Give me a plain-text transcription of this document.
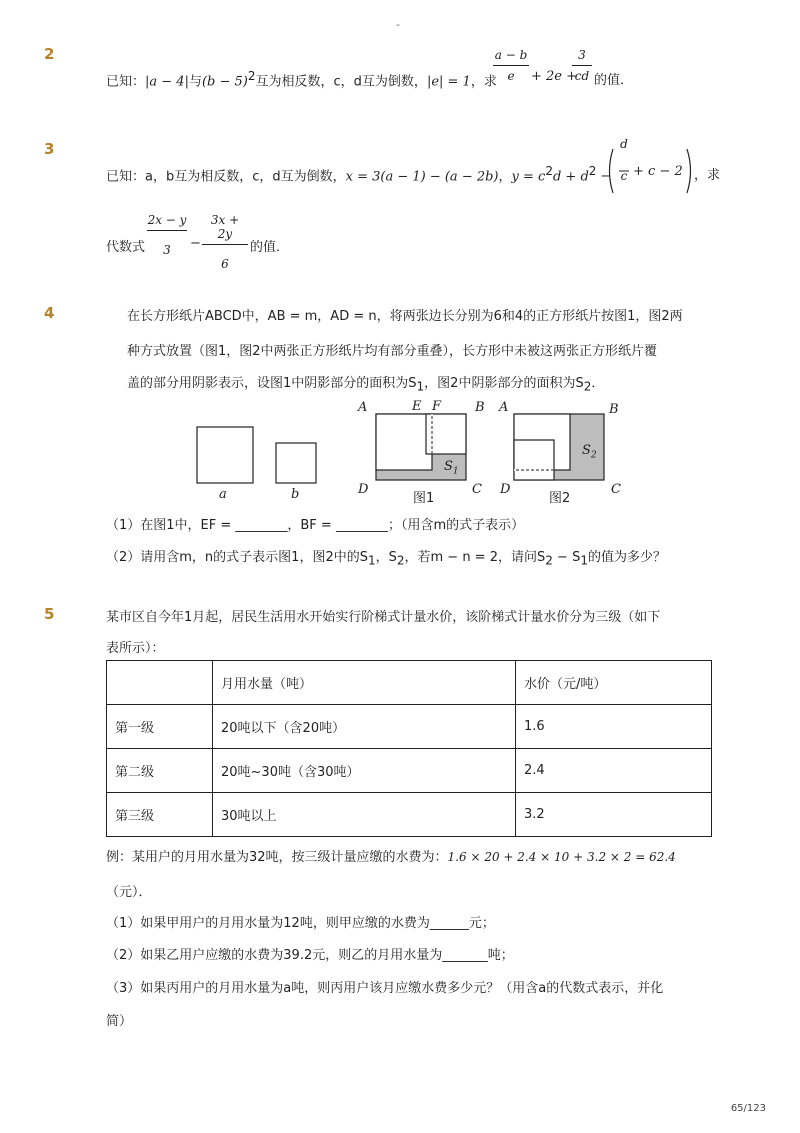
-
2
已知：|a − 4|与$(b - 5)^2$互为相反数，c，d互为倒数，|e| = 1，求
a − b
e	+ 2e +
3
cd 的值．
3
已知：a，b互为相反数，c，d互为倒数，x = 3(a − 1) − (a − 2b)，$y = c^2d + d^2$ −
d
c + c − 2 ，求
代数式
2x − y
3	−
3x + 2y
6
的值．
4	在长方形纸片ABCD中，AB = m，AD = n，将两张边长分别为6和4的正方形纸片按图1，图2两
种方式放置（图1，图2中两张正方形纸片均有部分重叠），长方形中未被这两张正方形纸片覆
盖的部分用阴影表示，设图1中阴影部分的面积为$S_1$，图2中阴影部分的面积为$S_2$．
a	b
A	E F	B
D	C
$S_1$
图1
A	B
D	C
$S_2$
图2
（1）在图1中，EF = ________，BF = ________；（用含m的式子表示）
（2）请用含m，n的式子表示图1，图2中的$S_1$，$S_2$，若m − n = 2，请问$S_2 - S_1$的值为多少？
5	某市区自今年1月起，居民生活用水开始实行阶梯式计量水价，该阶梯式计量水价分为三级（如下
表所示）：
	月用水量（吨）	水价（元/吨）
第一级	20吨以下（含20吨）	1.6
第二级	20吨~30吨（含30吨）	2.4
第三级	30吨以上	3.2
例：某用户的月用水量为32吨，按三级计量应缴的水费为：1.6 × 20 + 2.4 × 10 + 3.2 × 2 = 62.4
（元）．
（1）如果甲用户的月用水量为12吨，则甲应缴的水费为______元；
（2）如果乙用户应缴的水费为39.2元，则乙的月用水量为_______吨；
（3）如果丙用户的月用水量为a吨，则丙用户该月应缴水费多少元？（用含a的代数式表示，并化
简）
65/123
